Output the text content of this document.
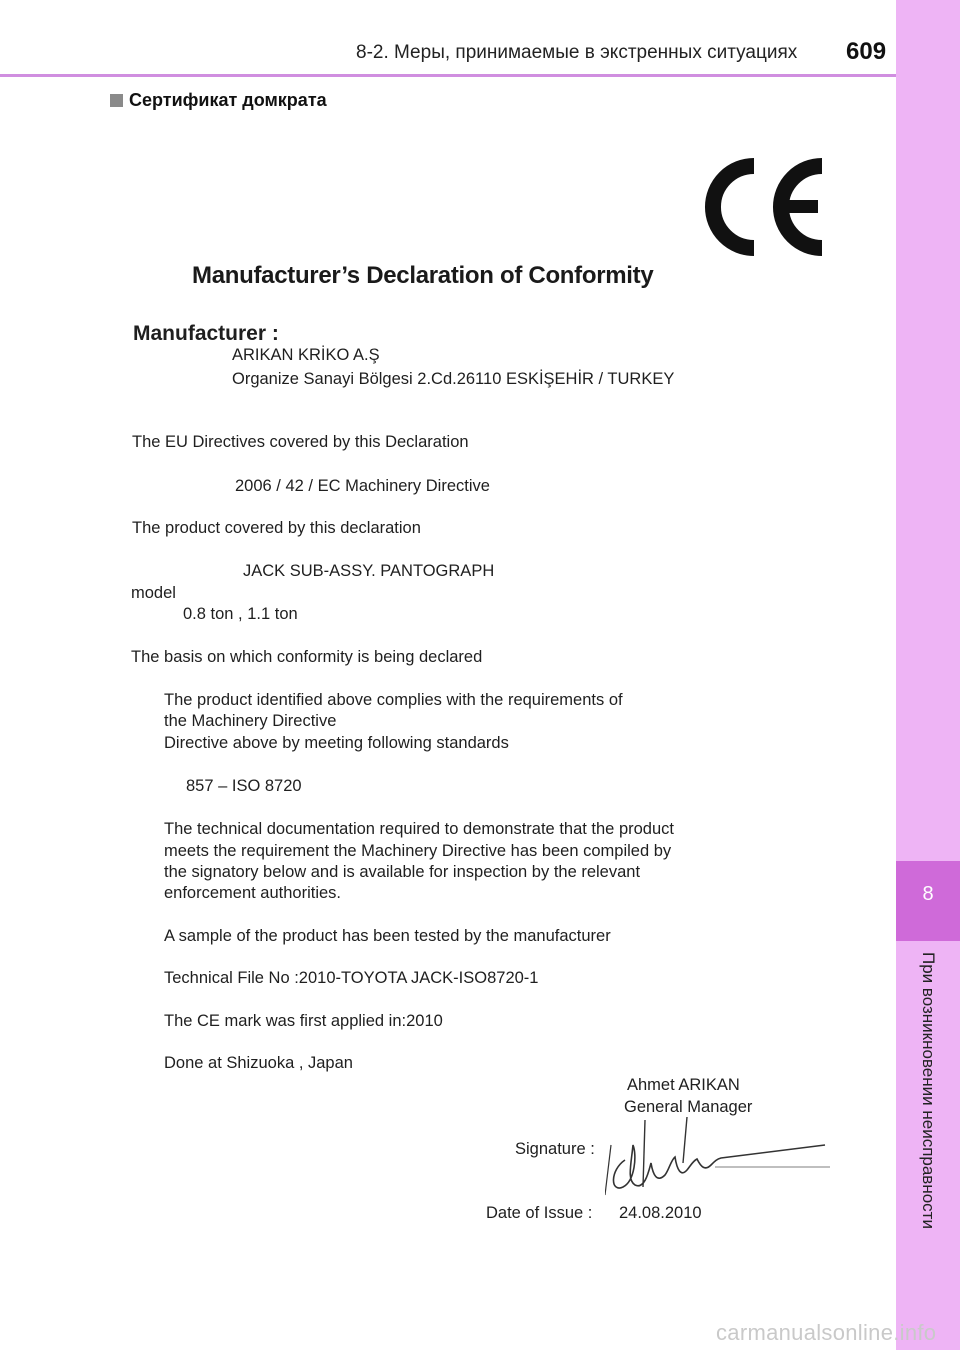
8-2. Меры, принимаемые в экстренных ситуациях 609
Сертификат домкрата
8
При возникновении неисправности
Manufacturer’s Declaration of Conformity
Manufacturer :
ARIKAN KRİKO A.Ş
Organize Sanayi Bölgesi 2.Cd.26110 ESKİŞEHİR / TURKEY
The EU Directives covered by this Declaration
2006 / 42 / EC Machinery Directive
The product covered by this declaration
JACK SUB-ASSY. PANTOGRAPH
model
0.8 ton , 1.1 ton
The basis on which conformity is being declared
The product identified above complies with the requirements of
the Machinery Directive
Directive above by meeting following standards
857 – ISO 8720
The technical documentation required to demonstrate that the product
meets the requirement the Machinery Directive has been compiled by
the signatory below and is available for inspection by the relevant
enforcement authorities.
A sample of the product has been tested by the manufacturer
Technical File No :2010-TOYOTA JACK-ISO8720-1
The CE mark was first applied in:2010
Done at Shizuoka , Japan
Ahmet ARIKAN
General Manager
Signature :
Date of Issue : 24.08.2010
carmanualsonline.info
